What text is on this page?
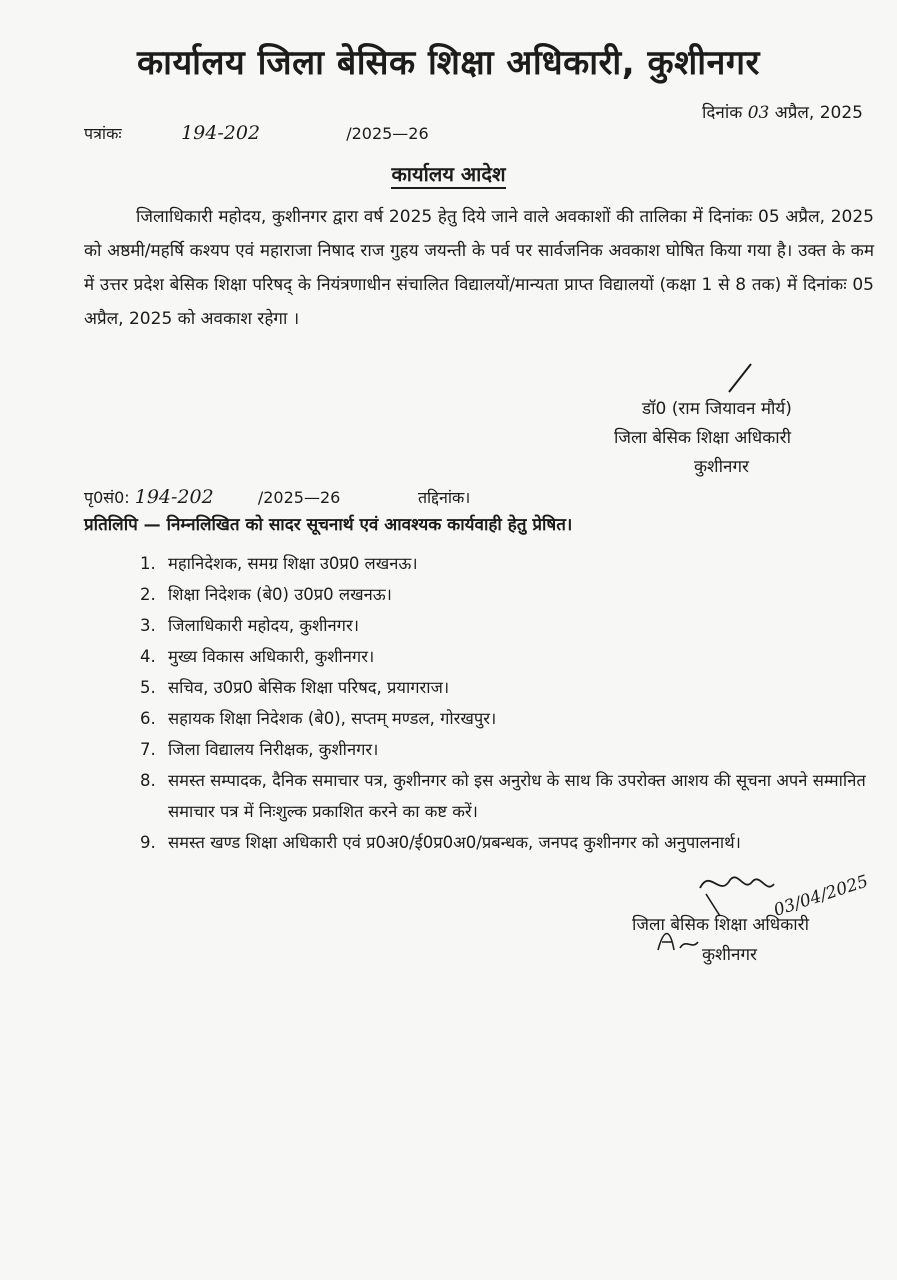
कार्यालय जिला बेसिक शिक्षा अधिकारी, कुशीनगर
दिनांक 03 अप्रैल, 2025
पत्रांकः	194-202	/2025—26
कार्यालय आदेश
जिलाधिकारी महोदय, कुशीनगर द्वारा वर्ष 2025 हेतु दिये जाने वाले अवकाशों की तालिका में दिनांकः 05 अप्रैल, 2025 को अष्ठमी/महर्षि कश्यप एवं महाराजा निषाद राज गुहय जयन्ती के पर्व पर सार्वजनिक अवकाश घोषित किया गया है। उक्त के कम में उत्तर प्रदेश बेसिक शिक्षा परिषद् के नियंत्रणाधीन संचालित विद्यालयों/मान्यता प्राप्त विद्यालयों (कक्षा 1 से 8 तक) में दिनांकः 05 अप्रैल, 2025 को अवकाश रहेगा ।
डॉ0 (राम जियावन मौर्य)
जिला बेसिक शिक्षा अधिकारी
कुशीनगर
पृ0सं0: 194-202	/2025—26	तद्दिनांक।
प्रतिलिपि — निम्नलिखित को सादर सूचनार्थ एवं आवश्यक कार्यवाही हेतु प्रेषित।
1. महानिदेशक, समग्र शिक्षा उ0प्र0 लखनऊ।
2. शिक्षा निदेशक (बे0) उ0प्र0 लखनऊ।
3. जिलाधिकारी महोदय, कुशीनगर।
4. मुख्य विकास अधिकारी, कुशीनगर।
5. सचिव, उ0प्र0 बेसिक शिक्षा परिषद, प्रयागराज।
6. सहायक शिक्षा निदेशक (बे0), सप्तम् मण्डल, गोरखपुर।
7. जिला विद्यालय निरीक्षक, कुशीनगर।
8. समस्त सम्पादक, दैनिक समाचार पत्र, कुशीनगर को इस अनुरोध के साथ कि उपरोक्त आशय की सूचना अपने सम्मानित समाचार पत्र में निःशुल्क प्रकाशित करने का कष्ट करें।
9. समस्त खण्ड शिक्षा अधिकारी एवं प्र0अ0/ई0प्र0अ0/प्रबन्धक, जनपद कुशीनगर को अनुपालनार्थ।
03/04/2025
जिला बेसिक शिक्षा अधिकारी
कुशीनगर
